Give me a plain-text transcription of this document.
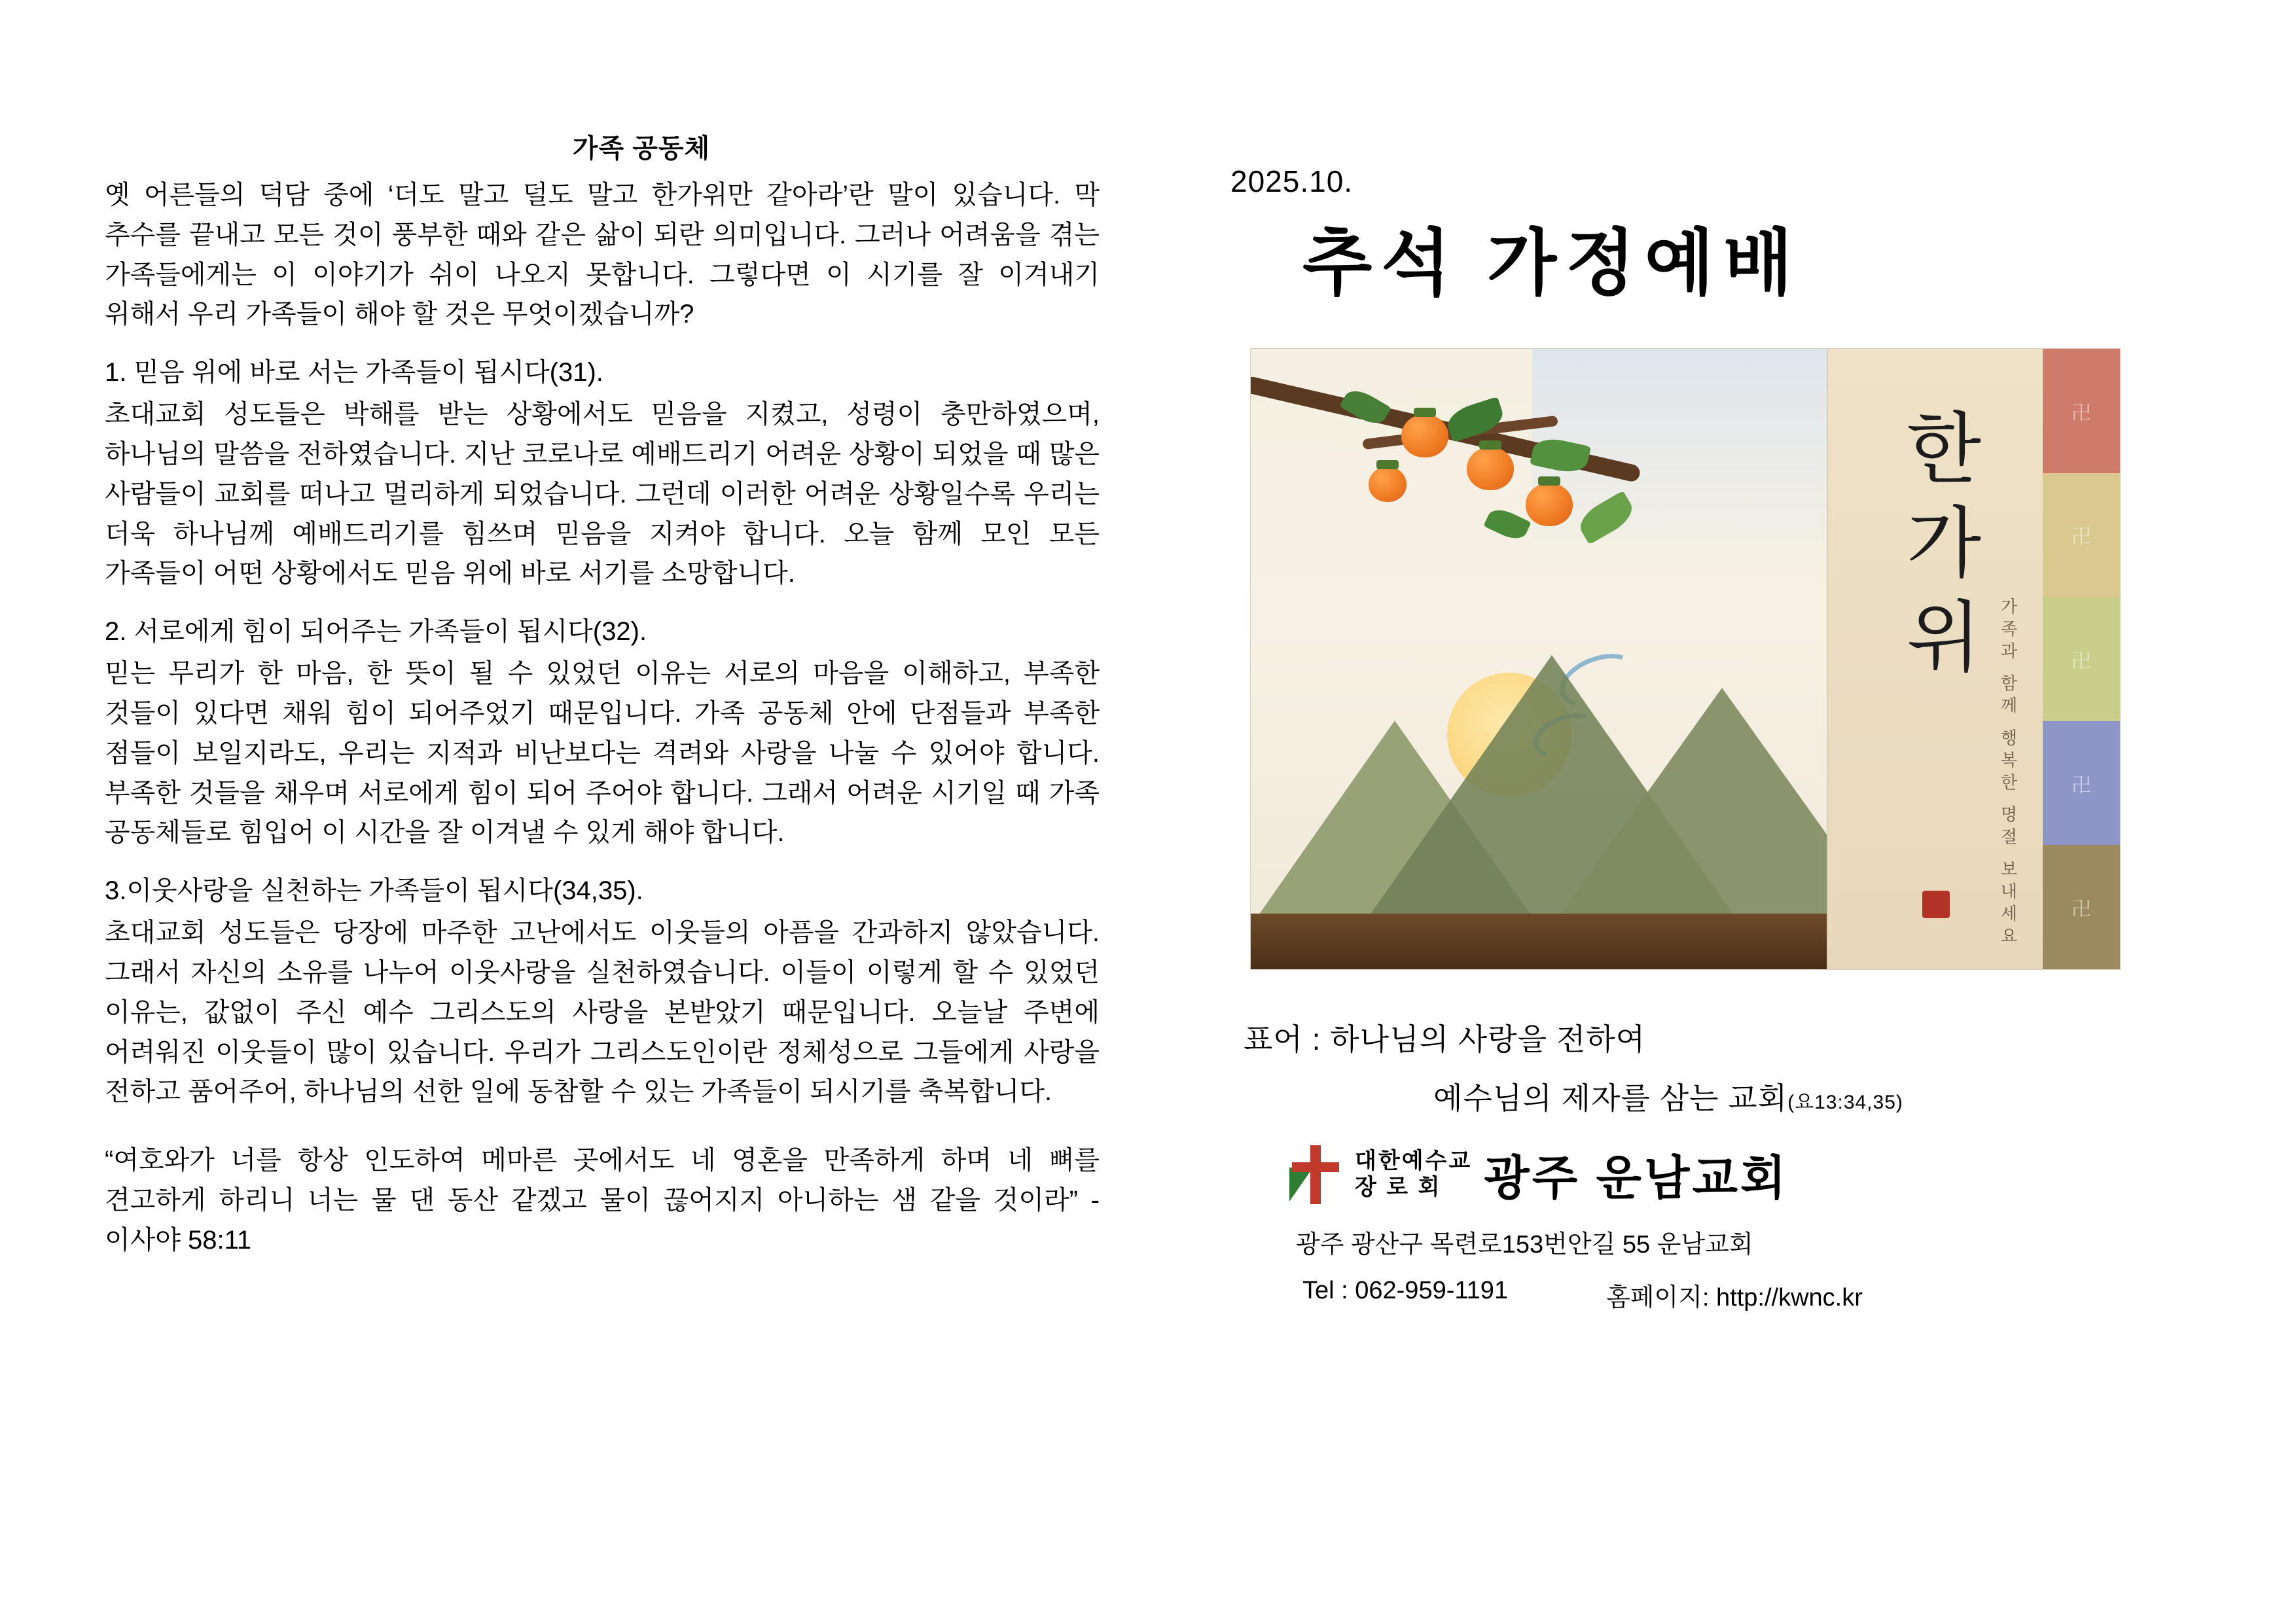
가족 공동체

옛 어른들의 덕담 중에 ‘더도 말고 덜도 말고 한가위만 같아라’란 말이 있습니다. 막 추수를 끝내고 모든 것이 풍부한 때와 같은 삶이 되란 의미입니다. 그러나 어려움을 겪는 가족들에게는 이 이야기가 쉬이 나오지 못합니다. 그렇다면 이 시기를 잘 이겨내기 위해서 우리 가족들이 해야 할 것은 무엇이겠습니까?

1. 믿음 위에 바로 서는 가족들이 됩시다(31).

초대교회 성도들은 박해를 받는 상황에서도 믿음을 지켰고, 성령이 충만하였으며, 하나님의 말씀을 전하였습니다. 지난 코로나로 예배드리기 어려운 상황이 되었을 때 많은 사람들이 교회를 떠나고 멀리하게 되었습니다. 그런데 이러한 어려운 상황일수록 우리는 더욱 하나님께 예배드리기를 힘쓰며 믿음을 지켜야 합니다. 오늘 함께 모인 모든 가족들이 어떤 상황에서도 믿음 위에 바로 서기를 소망합니다.

2. 서로에게 힘이 되어주는 가족들이 됩시다(32).

믿는 무리가 한 마음, 한 뜻이 될 수 있었던 이유는 서로의 마음을 이해하고, 부족한 것들이 있다면 채워 힘이 되어주었기 때문입니다. 가족 공동체 안에 단점들과 부족한 점들이 보일지라도, 우리는 지적과 비난보다는 격려와 사랑을 나눌 수 있어야 합니다. 부족한 것들을 채우며 서로에게 힘이 되어 주어야 합니다. 그래서 어려운 시기일 때 가족 공동체들로 힘입어 이 시간을 잘 이겨낼 수 있게 해야 합니다.

3.이웃사랑을 실천하는 가족들이 됩시다(34,35).

초대교회 성도들은 당장에 마주한 고난에서도 이웃들의 아픔을 간과하지 않았습니다. 그래서 자신의 소유를 나누어 이웃사랑을 실천하였습니다. 이들이 이렇게 할 수 있었던 이유는, 값없이 주신 예수 그리스도의 사랑을 본받았기 때문입니다. 오늘날 주변에 어려워진 이웃들이 많이 있습니다. 우리가 그리스도인이란 정체성으로 그들에게 사랑을 전하고 품어주어, 하나님의 선한 일에 동참할 수 있는 가족들이 되시기를 축복합니다.

“여호와가 너를 항상 인도하여 메마른 곳에서도 네 영혼을 만족하게 하며 네 뼈를 견고하게 하리니 너는 물 댄 동산 같겠고 물이 끊어지지 아니하는 샘 같을 것이라” -이사야 58:11

2025.10.
추석 가정예배
한가위
가족과 함께 행복한 명절 보내세요
卍
卍
卍
卍
卍
표어 : 하나님의 사랑을 전하여
예수님의 제자를 삼는 교회(요13:34,35)
대한예수교
장 로 회 광주 운남교회
광주 광산구 목련로153번안길 55 운남교회
Tel : 062-959-1191	홈페이지: http://kwnc.kr
